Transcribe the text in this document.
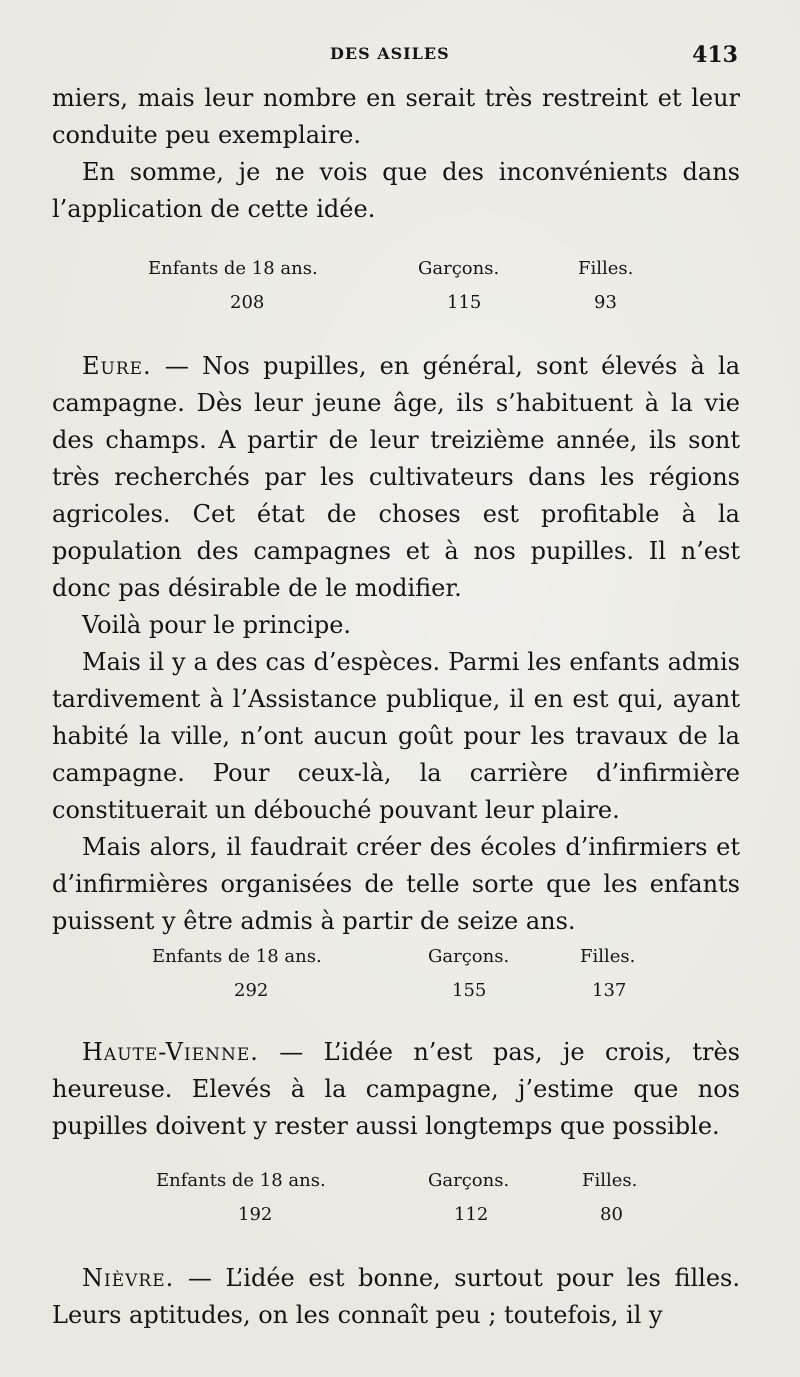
DES ASILES	413

miers, mais leur nombre en serait très restreint et leur conduite peu exemplaire.

En somme, je ne vois que des inconvénients dans l’application de cette idée.

Enfants de 18 ans.	Garçons.	Filles.
208	115	93

Eure. — Nos pupilles, en général, sont élevés à la campagne. Dès leur jeune âge, ils s’habituent à la vie des champs. A partir de leur treizième année, ils sont très recherchés par les cultivateurs dans les régions agricoles. Cet état de choses est profitable à la population des campagnes et à nos pupilles. Il n’est donc pas désirable de le modifier.

Voilà pour le principe.

Mais il y a des cas d’espèces. Parmi les enfants admis tardivement à l’Assistance publique, il en est qui, ayant habité la ville, n’ont aucun goût pour les travaux de la campagne. Pour ceux-là, la carrière d’infirmière constituerait un débouché pouvant leur plaire.

Mais alors, il faudrait créer des écoles d’infirmiers et d’infirmières organisées de telle sorte que les enfants puissent y être admis à partir de seize ans.

Enfants de 18 ans.	Garçons.	Filles.
292	155	137

Haute-Vienne. — L’idée n’est pas, je crois, très heureuse. Elevés à la campagne, j’estime que nos pupilles doivent y rester aussi longtemps que possible.

Enfants de 18 ans.	Garçons.	Filles.
192	112	80

Nièvre. — L’idée est bonne, surtout pour les filles. Leurs aptitudes, on les connaît peu ; toutefois, il y
